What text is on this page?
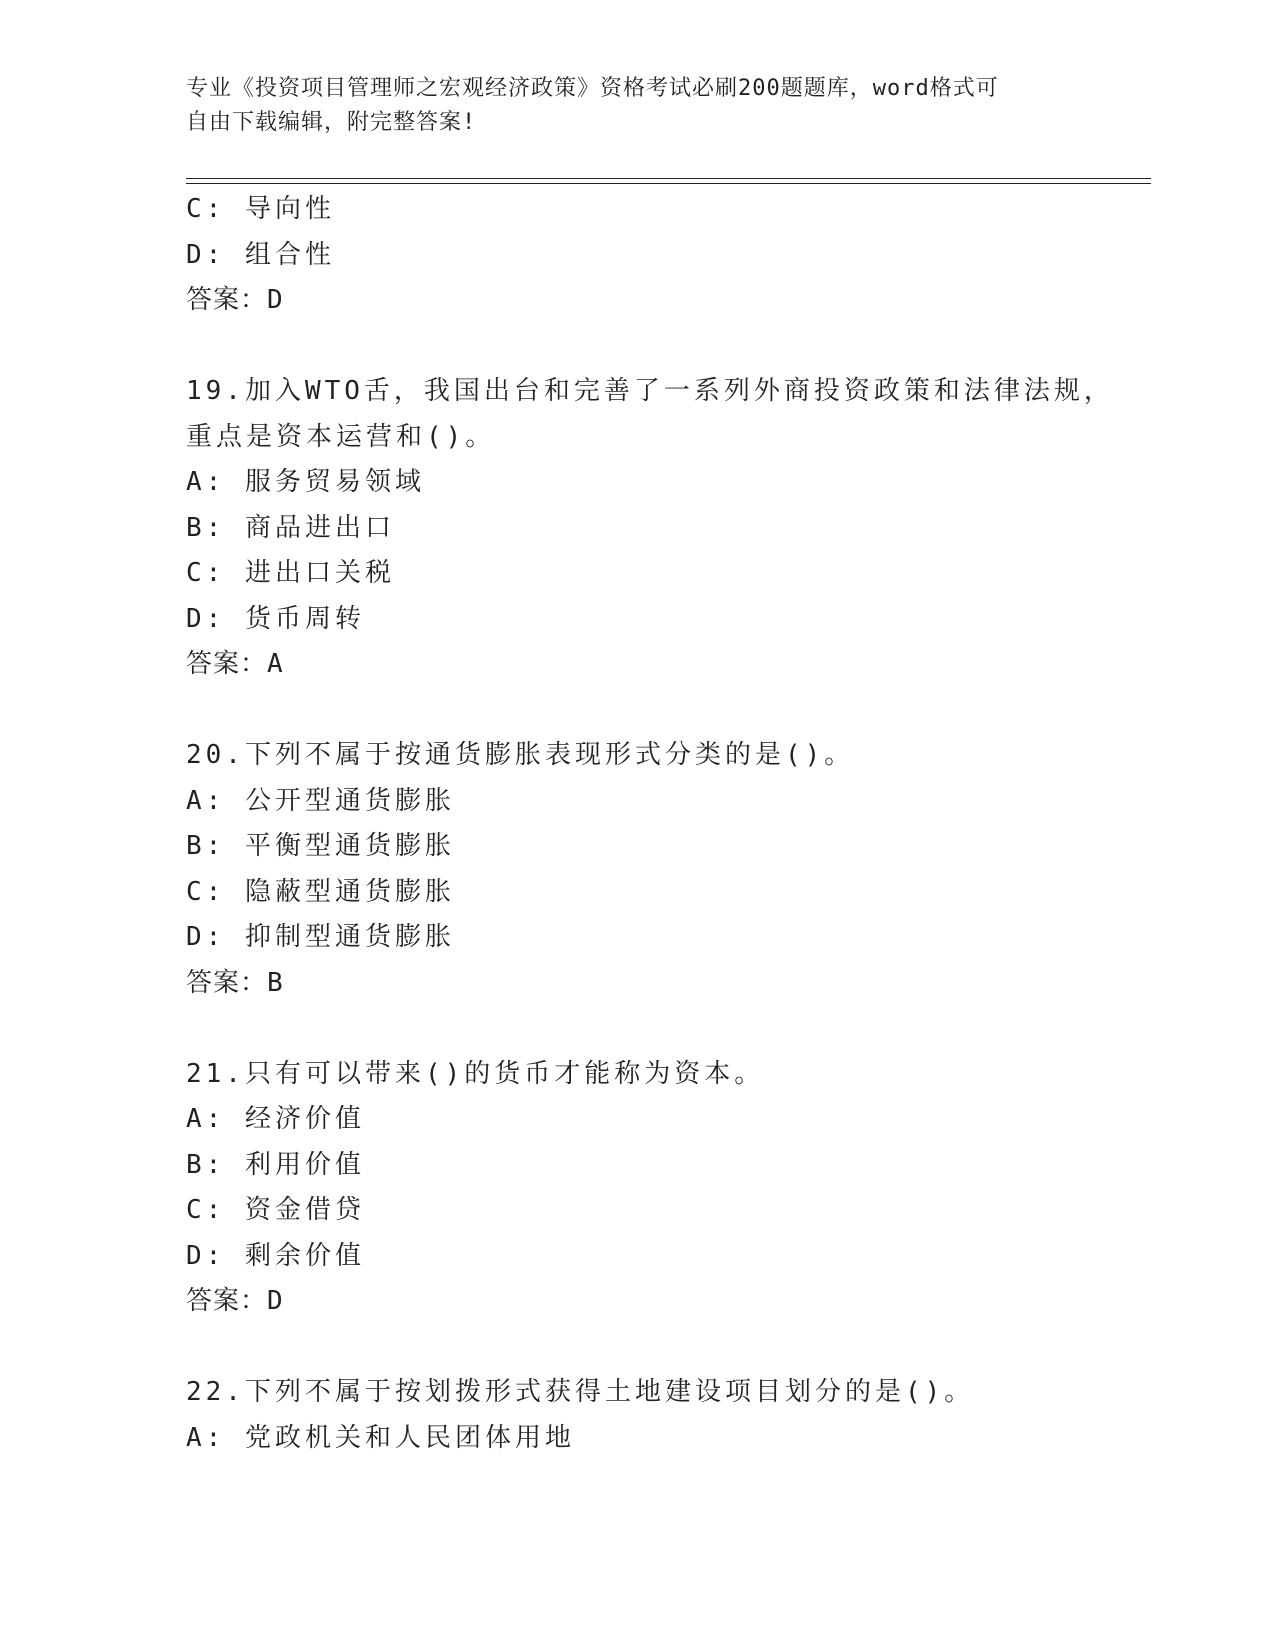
专业《投资项目管理师之宏观经济政策》资格考试必刷200题题库，word格式可
自由下载编辑，附完整答案!
C: 导向性
D: 组合性
答案：D
19.加入WTO舌，我国出台和完善了一系列外商投资政策和法律法规，
重点是资本运营和()。
A: 服务贸易领域
B: 商品进出口
C: 进出口关税
D: 货币周转
答案：A
20.下列不属于按通货膨胀表现形式分类的是()。
A: 公开型通货膨胀
B: 平衡型通货膨胀
C: 隐蔽型通货膨胀
D: 抑制型通货膨胀
答案：B
21.只有可以带来()的货币才能称为资本。
A: 经济价值
B: 利用价值
C: 资金借贷
D: 剩余价值
答案：D
22.下列不属于按划拨形式获得土地建设项目划分的是()。
A: 党政机关和人民团体用地
